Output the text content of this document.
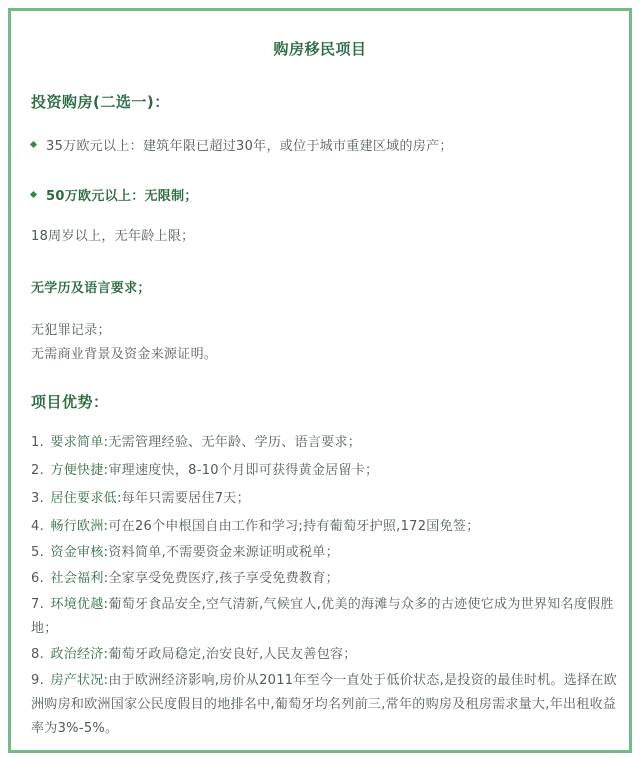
购房移民项目
投资购房(二选一)：
35万欧元以上：建筑年限已超过30年，或位于城市重建区域的房产；
50万欧元以上：无限制；
18周岁以上，无年龄上限；
无学历及语言要求；
无犯罪记录；
无需商业背景及资金来源证明。
项目优势：
1. 要求简单:无需管理经验、无年龄、学历、语言要求；
2. 方便快捷:审理速度快，8-10个月即可获得黄金居留卡；
3. 居住要求低:每年只需要居住7天；
4. 畅行欧洲:可在26个申根国自由工作和学习;持有葡萄牙护照,172国免签；
5. 资金审核:资料简单,不需要资金来源证明或税单；
6. 社会福利:全家享受免费医疗,孩子享受免费教育；
7. 环境优越:葡萄牙食品安全,空气清新,气候宜人,优美的海滩与众多的古迹使它成为世界知名度假胜地；
8. 政治经济:葡萄牙政局稳定,治安良好,人民友善包容；
9. 房产状况:由于欧洲经济影响,房价从2011年至今一直处于低价状态,是投资的最佳时机。选择在欧洲购房和欧洲国家公民度假目的地排名中,葡萄牙均名列前三,常年的购房及租房需求量大,年出租收益率为3%-5%。
